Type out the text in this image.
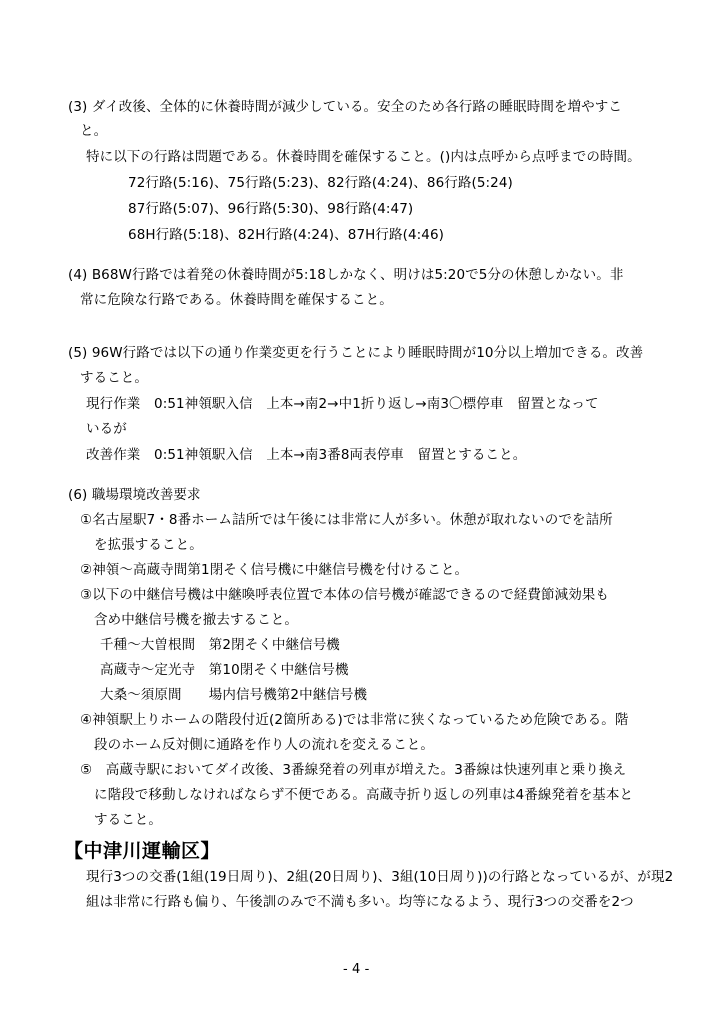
(3) ダイ改後、全体的に休養時間が減少している。安全のため各行路の睡眠時間を増やすこ
と。
特に以下の行路は問題である。休養時間を確保すること。()内は点呼から点呼までの時間。
72行路(5:16)、75行路(5:23)、82行路(4:24)、86行路(5:24)
87行路(5:07)、96行路(5:30)、98行路(4:47)
68H行路(5:18)、82H行路(4:24)、87H行路(4:46)
(4) B68W行路では着発の休養時間が5:18しかなく、明けは5:20で5分の休憩しかない。非
常に危険な行路である。休養時間を確保すること。
(5) 96W行路では以下の通り作業変更を行うことにより睡眠時間が10分以上増加できる。改善
すること。
現行作業　0:51神領駅入信　上本→南2→中1折り返し→南3〇標停車　留置となって
いるが
改善作業　0:51神領駅入信　上本→南3番8両表停車　留置とすること。
(6) 職場環境改善要求
①名古屋駅7・8番ホーム詰所では午後には非常に人が多い。休憩が取れないのでを詰所
を拡張すること。
②神領～高蔵寺間第1閉そく信号機に中継信号機を付けること。
③以下の中継信号機は中継喚呼表位置で本体の信号機が確認できるので経費節減効果も
含め中継信号機を撤去すること。
千種～大曽根間　第2閉そく中継信号機
高蔵寺～定光寺　第10閉そく中継信号機
大桑～須原間　　場内信号機第2中継信号機
④神領駅上りホームの階段付近(2箇所ある)では非常に狭くなっているため危険である。階
段のホーム反対側に通路を作り人の流れを変えること。
⑤　高蔵寺駅においてダイ改後、3番線発着の列車が増えた。3番線は快速列車と乗り換え
に階段で移動しなければならず不便である。高蔵寺折り返しの列車は4番線発着を基本と
すること。
【中津川運輸区】
現行3つの交番(1組(19日周り)、2組(20日周り)、3組(10日周り))の行路となっているが、が現2
組は非常に行路も偏り、午後訓のみで不満も多い。均等になるよう、現行3つの交番を2つ
- 4 -
